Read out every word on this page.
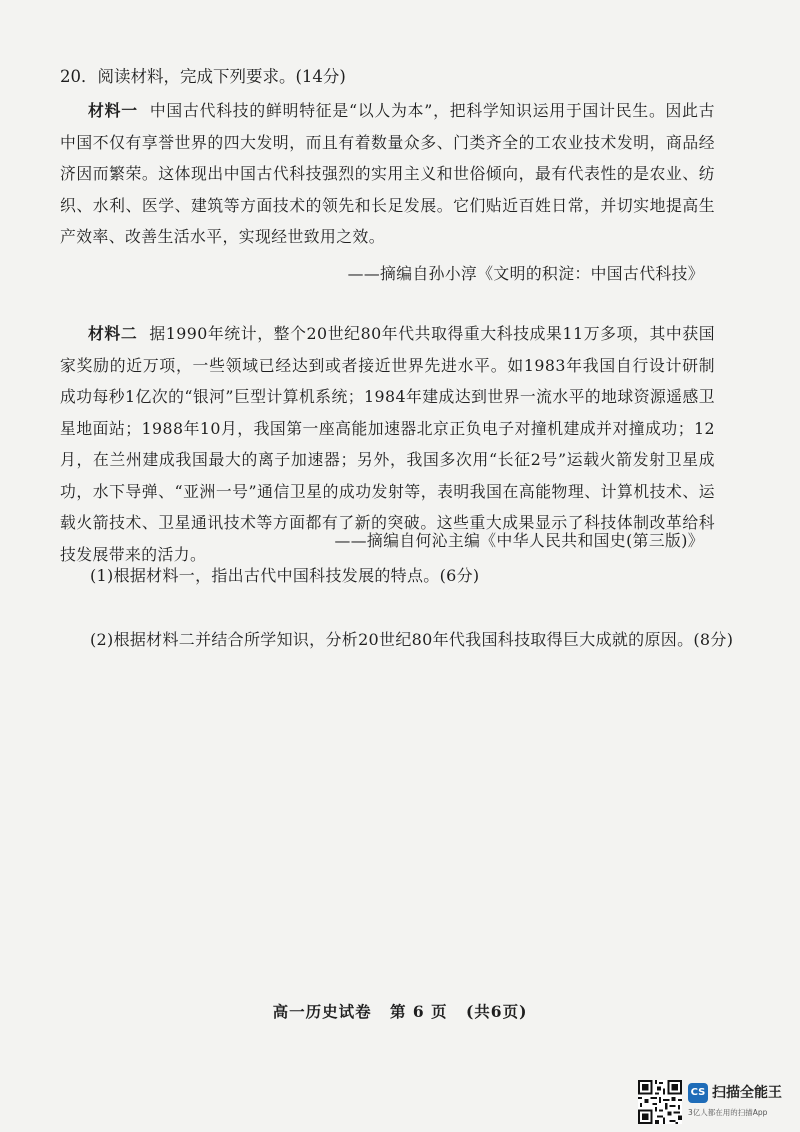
20．阅读材料，完成下列要求。(14分)
材料一 中国古代科技的鲜明特征是“以人为本”，把科学知识运用于国计民生。因此古中国不仅有享誉世界的四大发明，而且有着数量众多、门类齐全的工农业技术发明，商品经济因而繁荣。这体现出中国古代科技强烈的实用主义和世俗倾向，最有代表性的是农业、纺织、水利、医学、建筑等方面技术的领先和长足发展。它们贴近百姓日常，并切实地提高生产效率、改善生活水平，实现经世致用之效。
——摘编自孙小淳《文明的积淀：中国古代科技》
材料二 据1990年统计，整个20世纪80年代共取得重大科技成果11万多项，其中获国家奖励的近万项，一些领域已经达到或者接近世界先进水平。如1983年我国自行设计研制成功每秒1亿次的“银河”巨型计算机系统；1984年建成达到世界一流水平的地球资源遥感卫星地面站；1988年10月，我国第一座高能加速器北京正负电子对撞机建成并对撞成功；12月，在兰州建成我国最大的离子加速器；另外，我国多次用“长征2号”运载火箭发射卫星成功，水下导弹、“亚洲一号”通信卫星的成功发射等，表明我国在高能物理、计算机技术、运载火箭技术、卫星通讯技术等方面都有了新的突破。这些重大成果显示了科技体制改革给科技发展带来的活力。
——摘编自何沁主编《中华人民共和国史(第三版)》
(1)根据材料一，指出古代中国科技发展的特点。(6分)
(2)根据材料二并结合所学知识，分析20世纪80年代我国科技取得巨大成就的原因。(8分)
高一历史试卷 第 6 页 (共6页)
CS 扫描全能王
3亿人都在用的扫描App
